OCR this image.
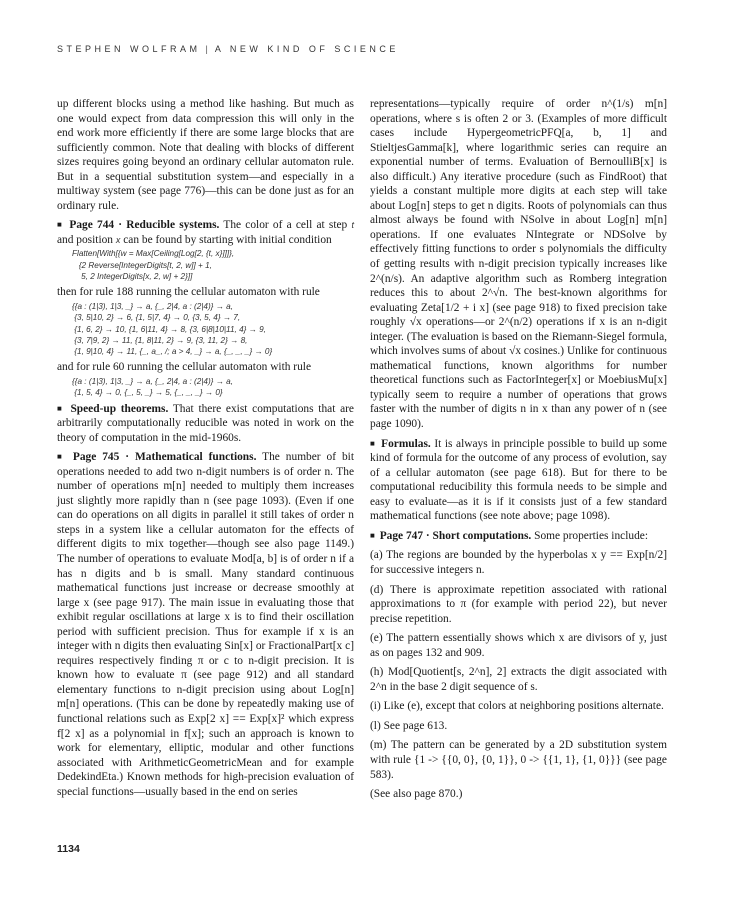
STEPHEN WOLFRAM | A NEW KIND OF SCIENCE

up different blocks using a method like hashing. But much as one would expect from data compression this will only in the end work more efficiently if there are some large blocks that are sufficiently common. Note that dealing with blocks of different sizes requires going beyond an ordinary cellular automaton rule. But in a sequential substitution system—and especially in a multiway system (see page 776)—this can be done just as for an ordinary rule.

■ Page 744 · Reducible systems. The color of a cell at step t and position x can be found by starting with initial condition

Flatten[With[{w = Max[Ceiling[Log[2, {t, x}]]]},
{2 Reverse[IntegerDigits[t, 2, w]] + 1,
5, 2 IntegerDigits[x, 2, w] + 2}]]

then for rule 188 running the cellular automaton with rule

{{a : (1|3), 1|3, _} → a, {_, 2|4, a : (2|4)} → a,
{3, 5|10, 2} → 6, {1, 5|7, 4} → 0, {3, 5, 4} → 7,
{1, 6, 2} → 10, {1, 6|11, 4} → 8, {3, 6|8|10|11, 4} → 9,
{3, 7|9, 2} → 11, {1, 8|11, 2} → 9, {3, 11, 2} → 8,
{1, 9|10, 4} → 11, {_, a_, /; a > 4, _} → a, {_, _, _} → 0}

and for rule 60 running the cellular automaton with rule

{{a : (1|3), 1|3, _} → a, {_, 2|4, a : (2|4)} → a,
{1, 5, 4} → 0, {_, 5, _} → 5, {_, _, _} → 0}

■ Speed-up theorems. That there exist computations that are arbitrarily computationally reducible was noted in work on the theory of computation in the mid-1960s.

■ Page 745 · Mathematical functions. The number of bit operations needed to add two n-digit numbers is of order n. The number of operations m[n] needed to multiply them increases just slightly more rapidly than n (see page 1093). (Even if one can do operations on all digits in parallel it still takes of order n steps in a system like a cellular automaton for the effects of different digits to mix together—though see also page 1149.) The number of operations to evaluate Mod[a, b] is of order n if a has n digits and b is small. Many standard continuous mathematical functions just increase or decrease smoothly at large x (see page 917). The main issue in evaluating those that exhibit regular oscillations at large x is to find their oscillation period with sufficient precision. Thus for example if x is an integer with n digits then evaluating Sin[x] or FractionalPart[x c] requires respectively finding π or c to n-digit precision. It is known how to evaluate π (see page 912) and all standard elementary functions to n-digit precision using about Log[n] m[n] operations. (This can be done by repeatedly making use of functional relations such as Exp[2 x] == Exp[x]² which express f[2 x] as a polynomial in f[x]; such an approach is known to work for elementary, elliptic, modular and other functions associated with ArithmeticGeometricMean and for example DedekindEta.) Known methods for high-precision evaluation of special functions—usually based in the end on series

representations—typically require of order n^(1/s) m[n] operations, where s is often 2 or 3. (Examples of more difficult cases include HypergeometricPFQ[a, b, 1] and StieltjesGamma[k], where logarithmic series can require an exponential number of terms. Evaluation of BernoulliB[x] is also difficult.) Any iterative procedure (such as FindRoot) that yields a constant multiple more digits at each step will take about Log[n] steps to get n digits. Roots of polynomials can thus almost always be found with NSolve in about Log[n] m[n] operations. If one evaluates NIntegrate or NDSolve by effectively fitting functions to order s polynomials the difficulty of getting results with n-digit precision typically increases like 2^(n/s). An adaptive algorithm such as Romberg integration reduces this to about 2^√n. The best-known algorithms for evaluating Zeta[1/2 + i x] (see page 918) to fixed precision take roughly √x operations—or 2^(n/2) operations if x is an n-digit integer. (The evaluation is based on the Riemann-Siegel formula, which involves sums of about √x cosines.) Unlike for continuous mathematical functions, known algorithms for number theoretical functions such as FactorInteger[x] or MoebiusMu[x] typically seem to require a number of operations that grows faster with the number of digits n in x than any power of n (see page 1090).

■ Formulas. It is always in principle possible to build up some kind of formula for the outcome of any process of evolution, say of a cellular automaton (see page 618). But for there to be computational reducibility this formula needs to be simple and easy to evaluate—as it is if it consists just of a few standard mathematical functions (see note above; page 1098).

■ Page 747 · Short computations. Some properties include:

(a) The regions are bounded by the hyperbolas x y == Exp[n/2] for successive integers n.

(d) There is approximate repetition associated with rational approximations to π (for example with period 22), but never precise repetition.

(e) The pattern essentially shows which x are divisors of y, just as on pages 132 and 909.

(h) Mod[Quotient[s, 2^n], 2] extracts the digit associated with 2^n in the base 2 digit sequence of s.

(i) Like (e), except that colors at neighboring positions alternate.

(l) See page 613.

(m) The pattern can be generated by a 2D substitution system with rule {1 -> {{0, 0}, {0, 1}}, 0 -> {{1, 1}, {1, 0}}} (see page 583).

(See also page 870.)

1134
